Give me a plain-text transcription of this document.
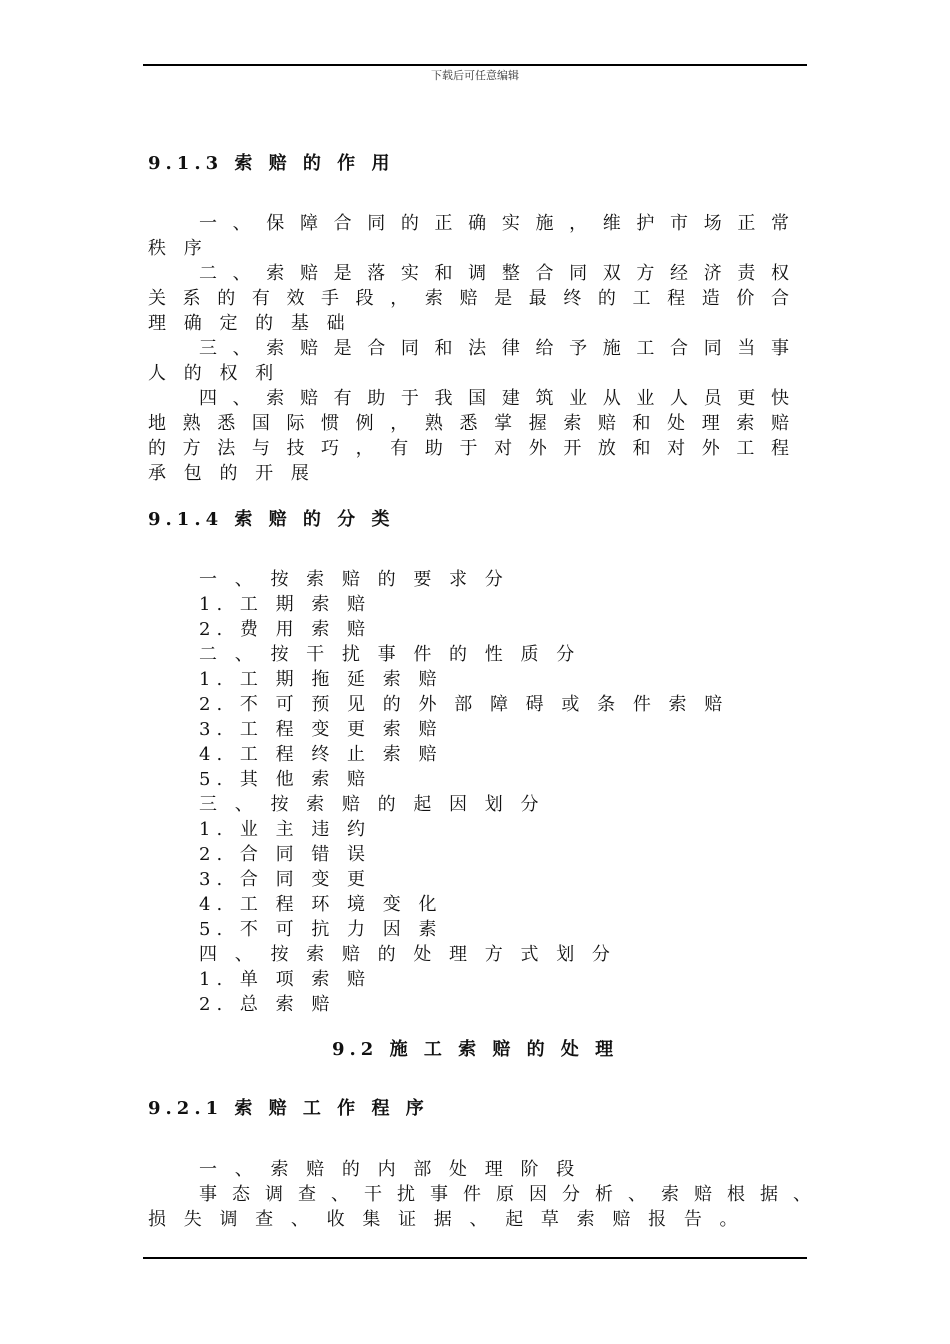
下载后可任意编辑
9.1.3 索 赔 的 作 用
一 、 保 障 合 同 的 正 确 实 施 ， 维 护 市 场 正 常
秩 序
二 、 索 赔 是 落 实 和 调 整 合 同 双 方 经 济 责 权
关 系 的 有 效 手 段 ， 索 赔 是 最 终 的 工 程 造 价 合
理 确 定 的 基 础
三 、 索 赔 是 合 同 和 法 律 给 予 施 工 合 同 当 事
人 的 权 利
四 、 索 赔 有 助 于 我 国 建 筑 业 从 业 人 员 更 快
地 熟 悉 国 际 惯 例 ， 熟 悉 掌 握 索 赔 和 处 理 索 赔
的 方 法 与 技 巧 ， 有 助 于 对 外 开 放 和 对 外 工 程
承 包 的 开 展
9.1.4 索 赔 的 分 类
一 、 按 索 赔 的 要 求 分
1. 工 期 索 赔
2. 费 用 索 赔
二 、 按 干 扰 事 件 的 性 质 分
1. 工 期 拖 延 索 赔
2. 不 可 预 见 的 外 部 障 碍 或 条 件 索 赔
3. 工 程 变 更 索 赔
4. 工 程 终 止 索 赔
5. 其 他 索 赔
三 、 按 索 赔 的 起 因 划 分
1. 业 主 违 约
2. 合 同 错 误
3. 合 同 变 更
4. 工 程 环 境 变 化
5. 不 可 抗 力 因 素
四 、 按 索 赔 的 处 理 方 式 划 分
1. 单 项 索 赔
2. 总 索 赔
9.2 施 工 索 赔 的 处 理
9.2.1 索 赔 工 作 程 序
一 、 索 赔 的 内 部 处 理 阶 段
事 态 调 查 、 干 扰 事 件 原 因 分 析 、 索 赔 根 据 、
损 失 调 查 、 收 集 证 据 、 起 草 索 赔 报 告 。
